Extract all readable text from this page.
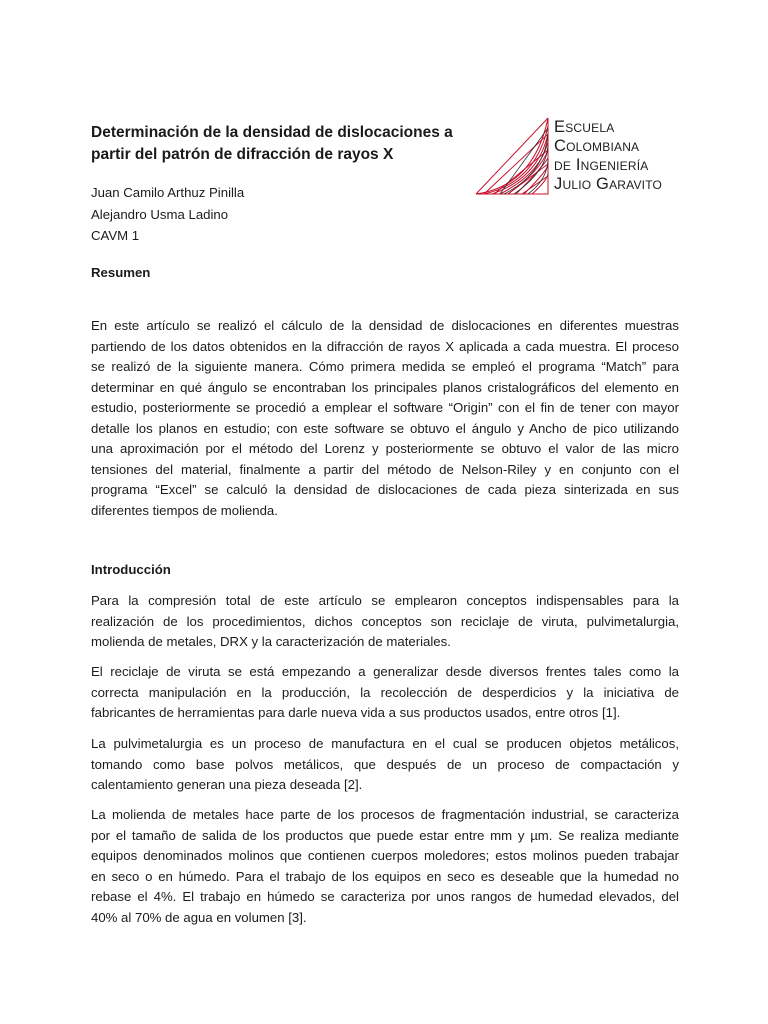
Determinación de la densidad de dislocaciones a
partir del patrón de difracción de rayos X
Escuela
Colombiana
de Ingeniería
Julio Garavito
Juan Camilo Arthuz Pinilla
Alejandro Usma Ladino
CAVM 1
Resumen
En este artículo se realizó el cálculo de la densidad de dislocaciones en diferentes muestras
partiendo de los datos obtenidos en la difracción de rayos X aplicada a cada muestra. El proceso
se realizó de la siguiente manera. Cómo primera medida se empleó el programa “Match” para
determinar en qué ángulo se encontraban los principales planos cristalográficos del elemento en
estudio, posteriormente se procedió a emplear el software “Origin” con el fin de tener con mayor
detalle los planos en estudio; con este software se obtuvo el ángulo y Ancho de pico utilizando
una aproximación por el método del Lorenz y posteriormente se obtuvo el valor de las micro
tensiones del material, finalmente a partir del método de Nelson-Riley y en conjunto con el
programa “Excel” se calculó la densidad de dislocaciones de cada pieza sinterizada en sus
diferentes tiempos de molienda.
Introducción
Para la compresión total de este artículo se emplearon conceptos indispensables para la
realización de los procedimientos, dichos conceptos son reciclaje de viruta, pulvimetalurgia,
molienda de metales, DRX y la caracterización de materiales.
El reciclaje de viruta se está empezando a generalizar desde diversos frentes tales como la
correcta manipulación en la producción, la recolección de desperdicios y la iniciativa de
fabricantes de herramientas para darle nueva vida a sus productos usados, entre otros [1].
La pulvimetalurgia es un proceso de manufactura en el cual se producen objetos metálicos,
tomando como base polvos metálicos, que después de un proceso de compactación y
calentamiento generan una pieza deseada [2].
La molienda de metales hace parte de los procesos de fragmentación industrial, se caracteriza
por el tamaño de salida de los productos que puede estar entre mm y µm. Se realiza mediante
equipos denominados molinos que contienen cuerpos moledores; estos molinos pueden trabajar
en seco o en húmedo. Para el trabajo de los equipos en seco es deseable que la humedad no
rebase el 4%. El trabajo en húmedo se caracteriza por unos rangos de humedad elevados, del
40% al 70% de agua en volumen [3].
